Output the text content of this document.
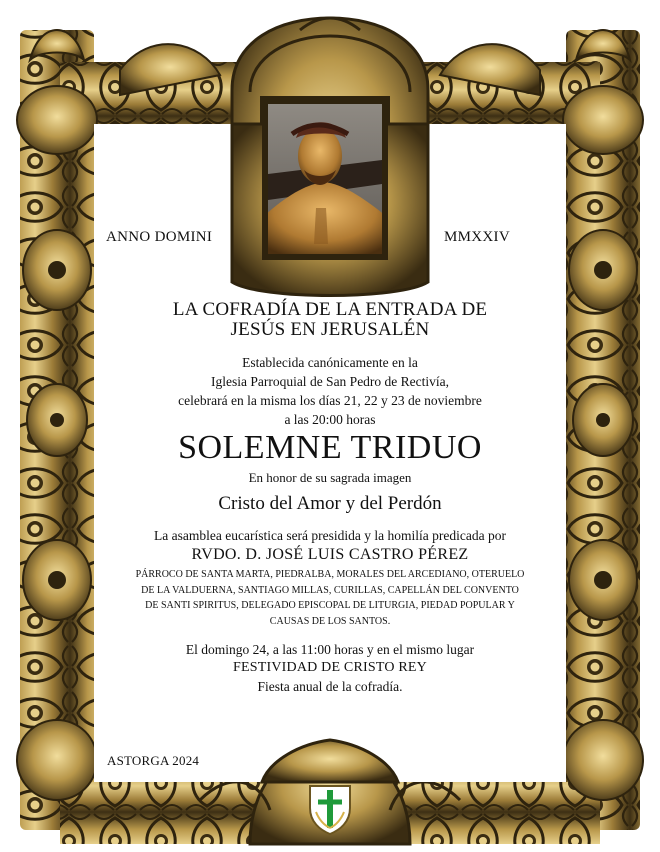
ANNO DOMINI	MMXXIV
LA COFRADÍA DE LA ENTRADA DE
JESÚS EN JERUSALÉN
Establecida canónicamente en la
Iglesia Parroquial de San Pedro de Rectivía,
celebrará en la misma los días 21, 22 y 23 de noviembre
a las 20:00 horas
SOLEMNE TRIDUO
En honor de su sagrada imagen
Cristo del Amor y del Perdón
La asamblea eucarística será presidida y la homilía predicada por
RVDO. D. JOSÉ LUIS CASTRO PÉREZ
PÁRROCO DE SANTA MARTA, PIEDRALBA, MORALES DEL ARCEDIANO, OTERUELO
DE LA VALDUERNA, SANTIAGO MILLAS, CURILLAS, CAPELLÁN DEL CONVENTO
DE SANTI SPIRITUS, DELEGADO EPISCOPAL DE LITURGIA, PIEDAD POPULAR Y
CAUSAS DE LOS SANTOS.
El domingo 24, a las 11:00 horas y en el mismo lugar
FESTIVIDAD DE CRISTO REY
Fiesta anual de la cofradía.
ASTORGA 2024
